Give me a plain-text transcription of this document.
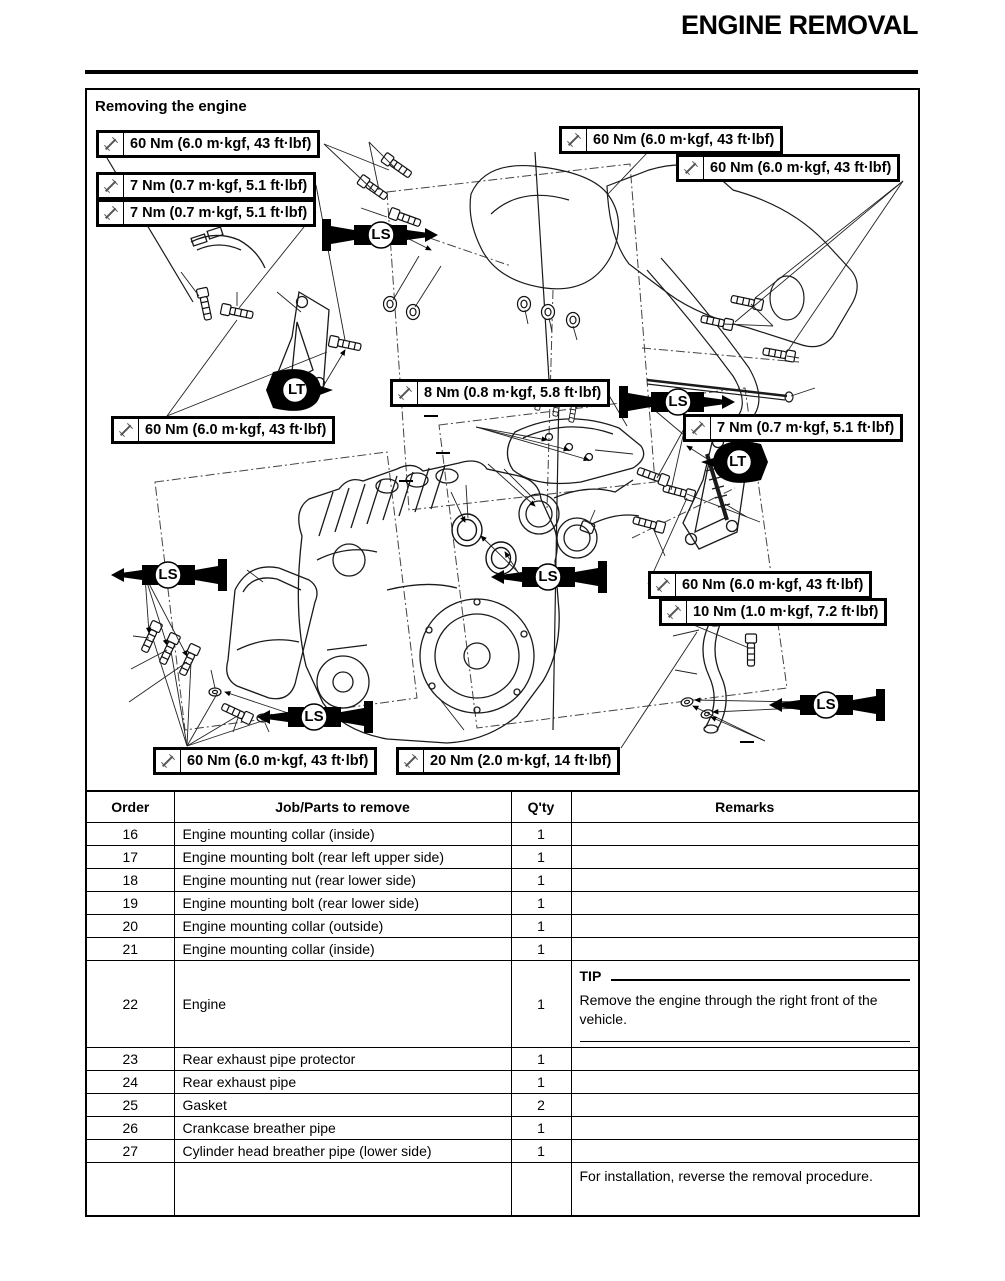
ENGINE REMOVAL
Removing the engine
60 Nm (6.0 m·kgf, 43 ft·lbf)
7 Nm (0.7 m·kgf, 5.1 ft·lbf)
7 Nm (0.7 m·kgf, 5.1 ft·lbf)
60 Nm (6.0 m·kgf, 43 ft·lbf)
60 Nm (6.0 m·kgf, 43 ft·lbf)
60 Nm (6.0 m·kgf, 43 ft·lbf)
8 Nm (0.8 m·kgf, 5.8 ft·lbf)
7 Nm (0.7 m·kgf, 5.1 ft·lbf)
60 Nm (6.0 m·kgf, 43 ft·lbf)
10 Nm (1.0 m·kgf, 7.2 ft·lbf)
60 Nm (6.0 m·kgf, 43 ft·lbf)	20 Nm (2.0 m·kgf, 14 ft·lbf)
LS
LS	LS
LS
LS
LS
LT
LT
Order	Job/Parts to remove	Q'ty	Remarks
16	Engine mounting collar (inside)	1	
17	Engine mounting bolt (rear left upper side)	1	
18	Engine mounting nut (rear lower side)	1	
19	Engine mounting bolt (rear lower side)	1	
20	Engine mounting collar (outside)	1	
21	Engine mounting collar (inside)	1	
22	Engine	1	TIP
Remove the engine through the right front of the vehicle.

23	Rear exhaust pipe protector	1	
24	Rear exhaust pipe	1	
25	Gasket	2	
26	Crankcase breather pipe	1	
27	Cylinder head breather pipe (lower side)	1	
			For installation, reverse the removal procedure.
